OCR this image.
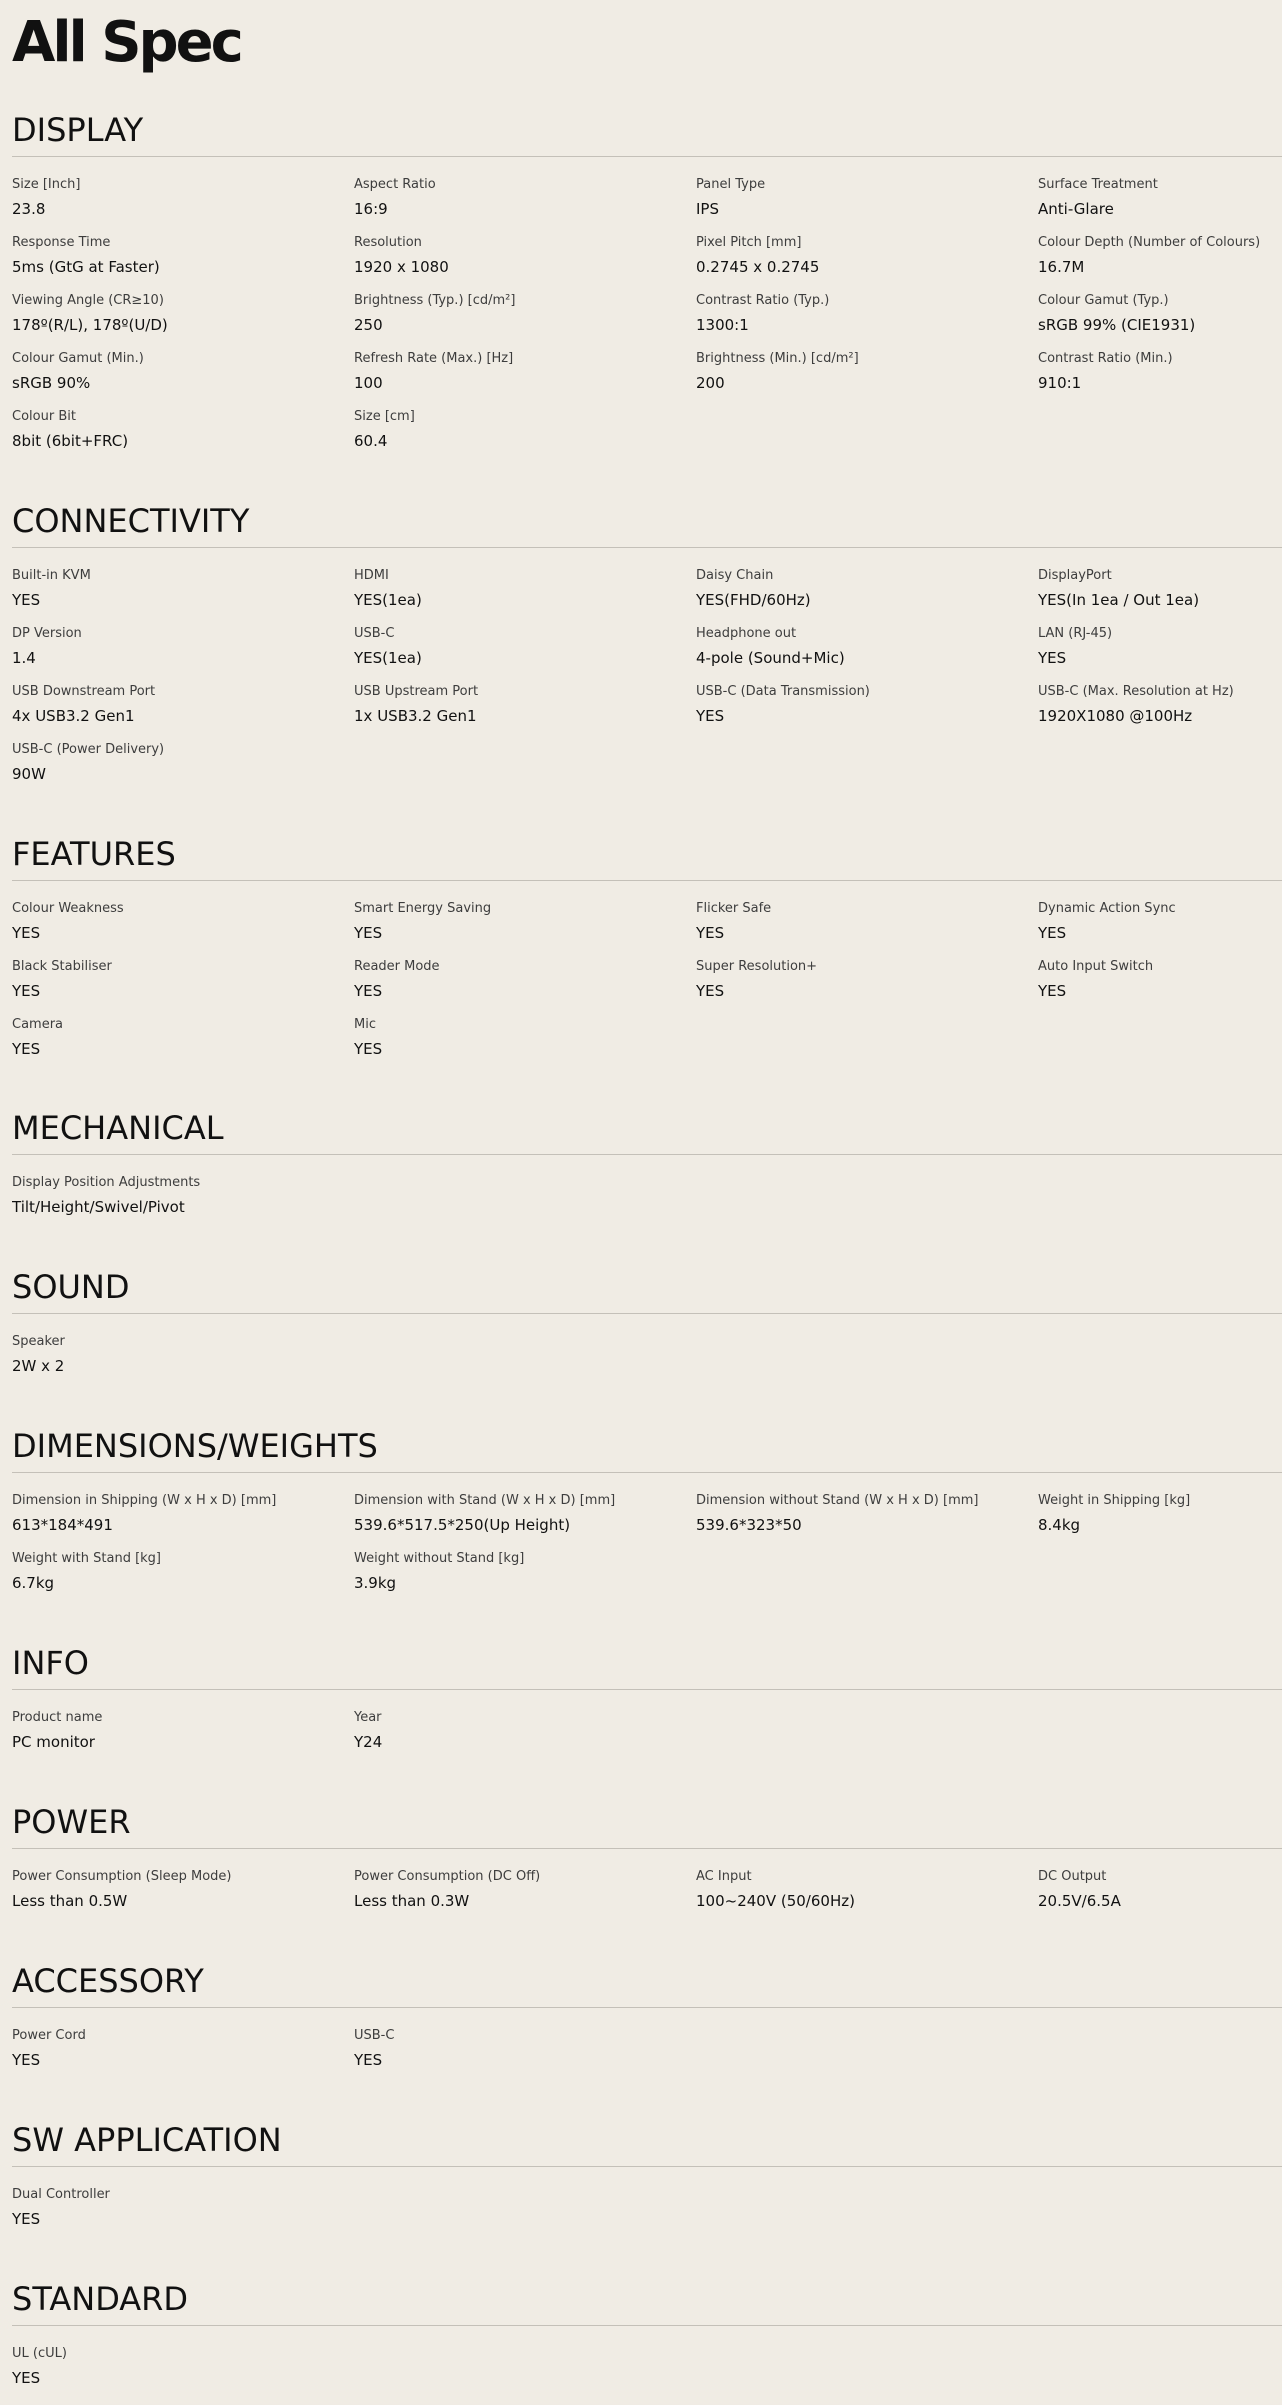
All Spec
DISPLAY
Size [Inch]
23.8
Aspect Ratio
16:9
Panel Type
IPS
Surface Treatment
Anti-Glare
Response Time
5ms (GtG at Faster)
Resolution
1920 x 1080
Pixel Pitch [mm]
0.2745 x 0.2745
Colour Depth (Number of Colours)
16.7M
Viewing Angle (CR≥10)
178º(R/L), 178º(U/D)
Brightness (Typ.) [cd/m²]
250
Contrast Ratio (Typ.)
1300:1
Colour Gamut (Typ.)
sRGB 99% (CIE1931)
Colour Gamut (Min.)
sRGB 90%
Refresh Rate (Max.) [Hz]
100
Brightness (Min.) [cd/m²]
200
Contrast Ratio (Min.)
910:1
Colour Bit
8bit (6bit+FRC)
Size [cm]
60.4
CONNECTIVITY
Built-in KVM
YES
HDMI
YES(1ea)
Daisy Chain
YES(FHD/60Hz)
DisplayPort
YES(In 1ea / Out 1ea)
DP Version
1.4
USB-C
YES(1ea)
Headphone out
4-pole (Sound+Mic)
LAN (RJ-45)
YES
USB Downstream Port
4x USB3.2 Gen1
USB Upstream Port
1x USB3.2 Gen1
USB-C (Data Transmission)
YES
USB-C (Max. Resolution at Hz)
1920X1080 @100Hz
USB-C (Power Delivery)
90W
FEATURES
Colour Weakness
YES
Smart Energy Saving
YES
Flicker Safe
YES
Dynamic Action Sync
YES
Black Stabiliser
YES
Reader Mode
YES
Super Resolution+
YES
Auto Input Switch
YES
Camera
YES
Mic
YES
MECHANICAL
Display Position Adjustments
Tilt/Height/Swivel/Pivot
SOUND
Speaker
2W x 2
DIMENSIONS/WEIGHTS
Dimension in Shipping (W x H x D) [mm]
613*184*491
Dimension with Stand (W x H x D) [mm]
539.6*517.5*250(Up Height)
Dimension without Stand (W x H x D) [mm]
539.6*323*50
Weight in Shipping [kg]
8.4kg
Weight with Stand [kg]
6.7kg
Weight without Stand [kg]
3.9kg
INFO
Product name
PC monitor
Year
Y24
POWER
Power Consumption (Sleep Mode)
Less than 0.5W
Power Consumption (DC Off)
Less than 0.3W
AC Input
100~240V (50/60Hz)
DC Output
20.5V/6.5A
ACCESSORY
Power Cord
YES
USB-C
YES
SW APPLICATION
Dual Controller
YES
STANDARD
UL (cUL)
YES
